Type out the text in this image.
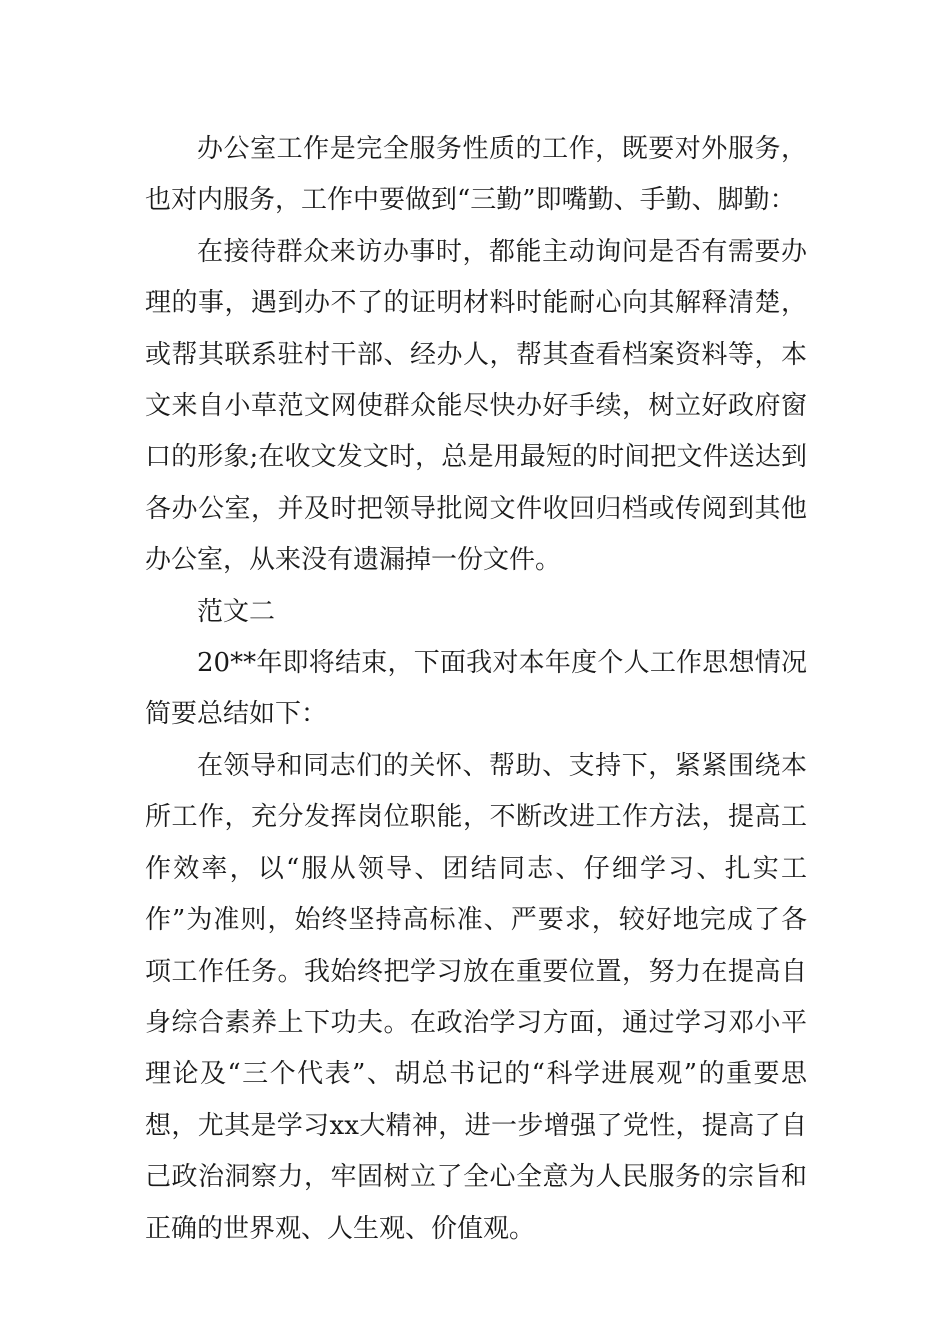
办公室工作是完全服务性质的工作，既要对外服务，也对内服务，工作中要做到“三勤”即嘴勤、手勤、脚勤：

在接待群众来访办事时，都能主动询问是否有需要办理的事，遇到办不了的证明材料时能耐心向其解释清楚，或帮其联系驻村干部、经办人，帮其查看档案资料等，本文来自小草范文网使群众能尽快办好手续，树立好政府窗口的形象;在收文发文时，总是用最短的时间把文件送达到各办公室，并及时把领导批阅文件收回归档或传阅到其他办公室，从来没有遗漏掉一份文件。

范文二

20**年即将结束，下面我对本年度个人工作思想情况简要总结如下：

在领导和同志们的关怀、帮助、支持下，紧紧围绕本所工作，充分发挥岗位职能，不断改进工作方法，提高工作效率，以“服从领导、团结同志、仔细学习、扎实工作”为准则，始终坚持高标准、严要求，较好地完成了各项工作任务。我始终把学习放在重要位置，努力在提高自身综合素养上下功夫。在政治学习方面，通过学习邓小平理论及“三个代表”、胡总书记的“科学进展观”的重要思想，尤其是学习xx大精神，进一步增强了党性，提高了自己政治洞察力，牢固树立了全心全意为人民服务的宗旨和正确的世界观、人生观、价值观。
